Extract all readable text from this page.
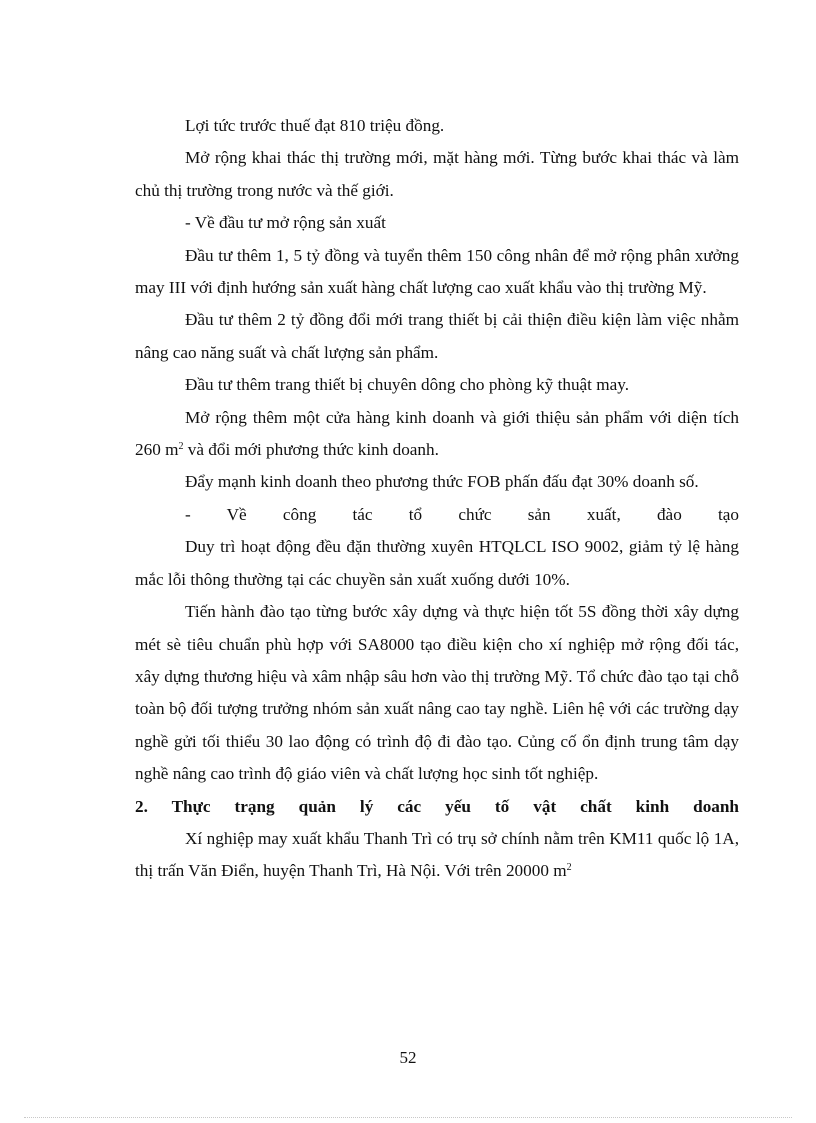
Lợi tức trước thuế đạt 810 triệu đồng.

Mở rộng khai thác thị trường mới, mặt hàng mới. Từng bước khai thác và làm chủ thị trường trong nước và thế giới.

- Về đầu tư mở rộng sản xuất

Đầu tư thêm 1, 5 tỷ đồng và tuyển thêm 150 công nhân để mở rộng phân xưởng may III với định hướng sản xuất hàng chất lượng cao xuất khẩu vào thị trường Mỹ.

Đầu tư thêm 2 tỷ đồng đổi mới trang thiết bị cải thiện điều kiện làm việc nhằm nâng cao năng suất và chất lượng sản phẩm.

Đầu tư thêm trang thiết bị chuyên dông cho phòng kỹ thuật may.

Mở rộng thêm một cửa hàng kinh doanh và giới thiệu sản phẩm với diện tích 260 $m^2$ và đổi mới phương thức kinh doanh.

Đẩy mạnh kinh doanh theo phương thức FOB phấn đấu đạt 30% doanh số.

- Về công tác tổ chức sản xuất, đào tạo

Duy trì hoạt động đều đặn thường xuyên HTQLCL ISO 9002, giảm tỷ lệ hàng mắc lỗi thông thường tại các chuyền sản xuất xuống dưới 10%.

Tiến hành đào tạo từng bước xây dựng và thực hiện tốt 5S đồng thời xây dựng mét sè tiêu chuẩn phù hợp với SA8000 tạo điều kiện cho xí nghiệp mở rộng đối tác, xây dựng thương hiệu và xâm nhập sâu hơn vào thị trường Mỹ. Tổ chức đào tạo tại chỗ toàn bộ đối tượng trưởng nhóm sản xuất nâng cao tay nghề. Liên hệ với các trường dạy nghề gửi tối thiểu 30 lao động có trình độ đi đào tạo. Củng cố ổn định trung tâm dạy nghề nâng cao trình độ giáo viên và chất lượng học sinh tốt nghiệp.

2. Thực trạng quản lý các yếu tố vật chất kinh doanh

Xí nghiệp may xuất khẩu Thanh Trì có trụ sở chính nằm trên KM11 quốc lộ 1A, thị trấn Văn Điển, huyện Thanh Trì, Hà Nội. Với trên 20000 $m^2$

52
